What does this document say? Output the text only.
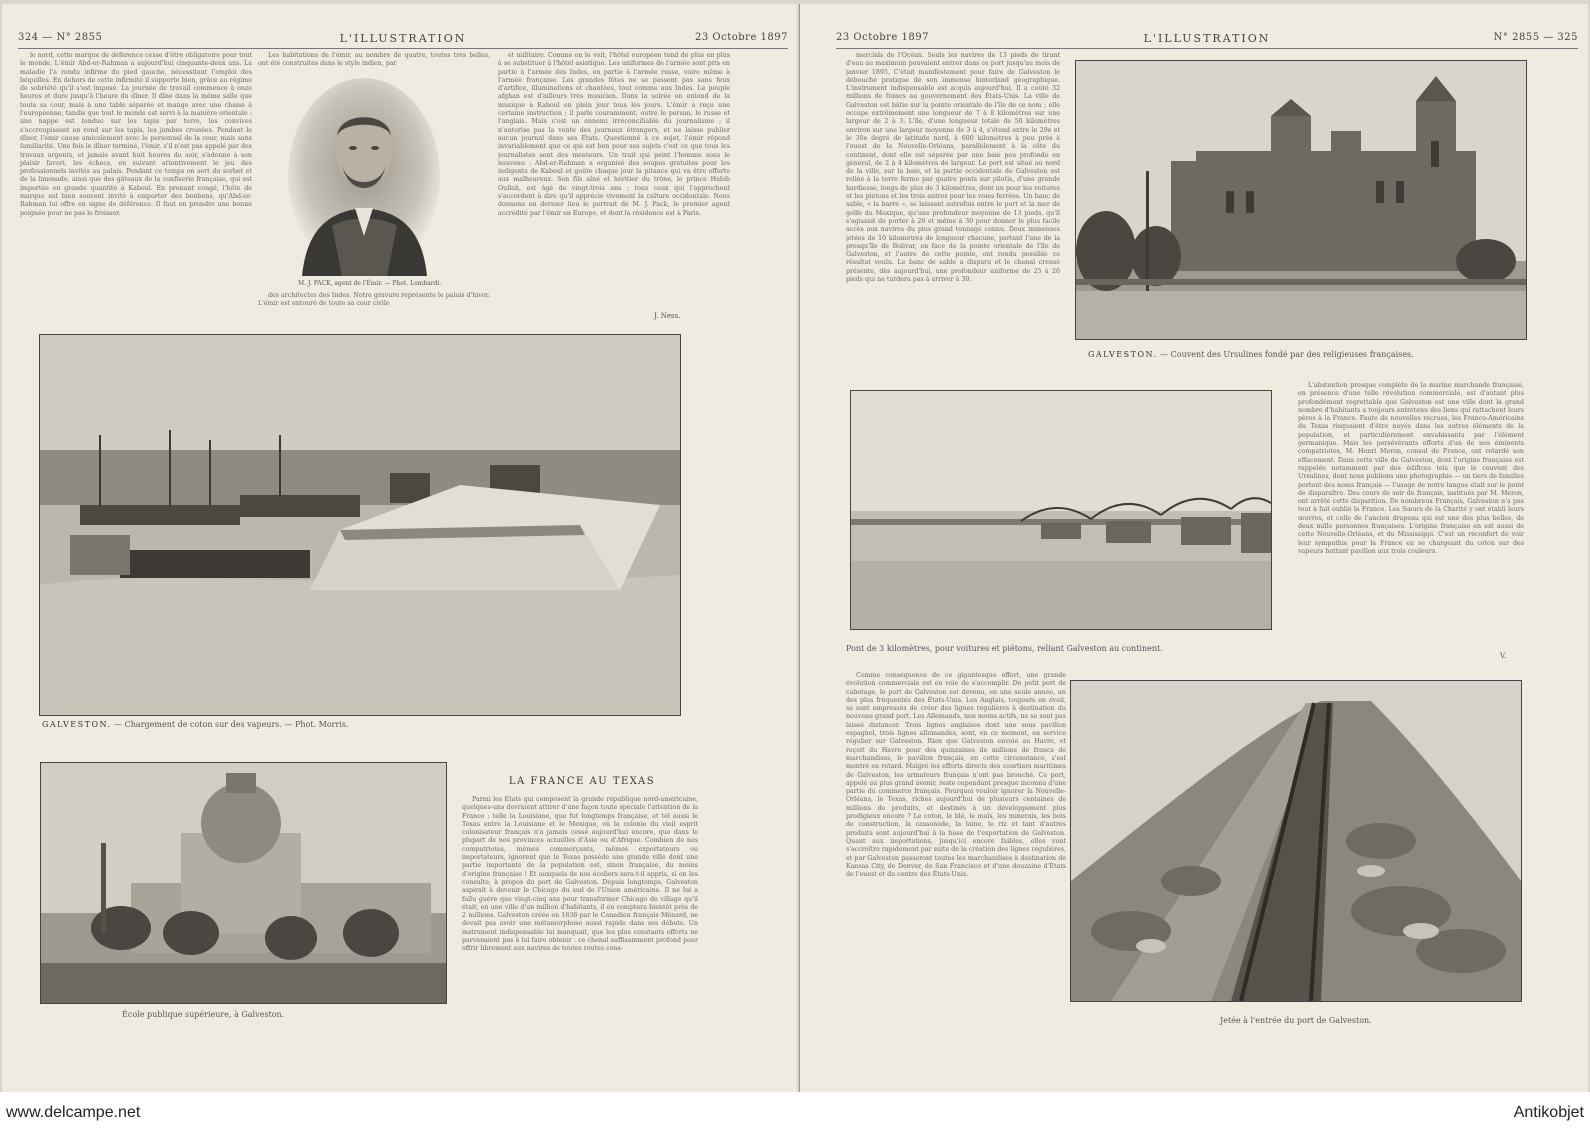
324 — N° 2855	L'ILLUSTRATION	23 Octobre 1897

le nord, cette marque de déférence cesse d'être obligatoire pour tout le monde. L'émir Abd-er-Rahman a aujourd'hui cinquante-deux ans. La maladie l'a rendu infirme du pied gauche, nécessitant l'emploi des béquilles. En dehors de cette infirmité il supporte bien, grâce au régime de sobriété qu'il s'est imposé. La journée de travail commence à onze heures et dure jusqu'à l'heure du dîner. Il dîne dans la même salle que toute sa cour, mais à une table séparée et mange avec une chaise à l'européenne, tandis que tout le monde est servi à la manière orientale : une nappe est tendue sur les tapis par terre, les convives s'accroupissent en rond sur les tapis, les jambes croisées. Pendant le dîner, l'émir cause amicalement avec le personnel de la cour, mais sans familiarité. Une fois le dîner terminé, l'émir, s'il n'est pas appelé par des travaux urgents, et jamais avant huit heures du soir, s'adonne à son plaisir favori, les échecs, en suivant attentivement le jeu des professionnels invités au palais. Pendant ce temps on sert du sorbet et de la limonade, ainsi que des gâteaux de la confiserie française, qui est importée en grande quantité à Kaboul. En prenant congé, l'hôte de marque est bien souvent invité à emporter des bonbons, qu'Abd-er-Rahman lui offre en signe de déférence. Il faut en prendre une bonne poignée pour ne pas le froisser.

Les habitations de l'émir, au nombre de quatre, toutes très belles, ont été construites dans le style indien, par

M. J. PACK, agent de l'Émir. — Phot. Lombardi.

des architectes des Indes. Notre gravure représente le palais d'hiver. L'émir est entouré de toute sa cour civile

et militaire. Comme on le voit, l'hôtel européen tend de plus en plus à se substituer à l'hôtel asiatique. Les uniformes de l'armée sont pris en partie à l'armée des Indes, en partie à l'armée russe, voire même à l'armée française. Les grandes fêtes ne se passent pas sans feux d'artifice, illuminations et chantées, tout comme aux Indes. Le peuple afghan est d'ailleurs très musicien. Dans la soirée on entend de la musique à Kaboul en plein jour tous les jours. L'émir a reçu une certaine instruction ; il parle couramment, outre le persan, le russe et l'anglais. Mais c'est un ennemi irréconciliable du journalisme ; il n'autorise pas la vente des journaux étrangers, et ne laisse publier aucun journal dans ses États. Questionné à ce sujet, l'émir répond invariablement que ce qui est bon pour ses sujets c'est ce que tous les journalistes sont des menteurs. Un trait qui peint l'homme sous le nouveau : Abd-er-Rahman a organisé des soupes gratuites pour les indigents de Kaboul et goûte chaque jour la pitance qui va être offerte aux malheureux. Son fils aîné et héritier du trône, le prince Habib Oullah, est âgé de vingt-trois ans ; tous ceux qui l'approchent s'accordent à dire qu'il apprécie vivement la culture occidentale. Nous donnons en dernier lieu le portrait de M. J. Pack, le premier agent accrédité par l'émir en Europe, et dont la résidence est à Paris.

J. Ness.
GALVESTON. — Chargement de coton sur des vapeurs. — Phot. Morris.
École publique supérieure, à Galveston.
LA FRANCE AU TEXAS

Parmi les États qui composent la grande république nord-américaine, quelques-uns devraient attirer d'une façon toute spéciale l'attention de la France : telle la Louisiane, que fut longtemps française, et tel aussi le Texas entre la Louisiane et le Mexique, où la colonie du vieil esprit colonisateur français n'a jamais cessé aujourd'hui encore, que dans le plupart de nos provinces actuelles d'Asie ou d'Afrique. Combien de nos compatriotes, mêmes commerçants, mêmes exportateurs ou importateurs, ignorent que le Texas possède une grande ville dont une partie importante de la population est, sinon française, du moins d'origine française ! Et auxquels de nos écoliers sera-t-il appris, si on les consulte, à propos du port de Galveston. Depuis longtemps, Galveston aspirait à devenir le Chicago du sud de l'Union américaine. Il ne lui a fallu guère que vingt-cinq ans pour transformer Chicago de village qu'il était, en une ville d'un million d'habitants, il en comptera bientôt près de 2 millions. Galveston créée en 1836 par le Canadien français Ménard, ne devait pas avoir une métamorphose aussi rapide dans ses débuts. Un instrument indispensable lui manquait, que les plus constants efforts ne parvenaient pas à lui faire obtenir : ce chenal suffisamment profond pour offrir librement aux navires de toutes routes cons-

23 Octobre 1897	L'ILLUSTRATION	N° 2855 — 325

mercials de l'Océan. Seuls les navires de 13 pieds de tirant d'eau au maximum pouvaient entrer dans ce port jusqu'au mois de janvier 1895. C'était manifestement pour faire de Galveston le débouché pratique de son immense hinterland géographique. L'instrument indispensable est acquis aujourd'hui. Il a coûté 32 millions de francs au gouvernement des États-Unis. La ville de Galveston est bâtie sur la pointe orientale de l'île de ce nom ; elle occupe extrêmement une longueur de 7 à 8 kilomètres sur une largeur de 2 à 3. L'île, d'une longueur totale de 50 kilomètres environ sur une largeur moyenne de 3 à 4, s'étend entre le 29e et le 30e degré de latitude nord, à 600 kilomètres à peu près à l'ouest de la Nouvelle-Orléans, parallèlement à la côte du continent, dont elle est séparée par une baie peu profonde en général, de 2 à 4 kilomètres de largeur. Le port est situé au nord de la ville, sur la baie, et la partie occidentale de Galveston est reliée à la terre ferme par quatre ponts sur pilotis, d'une grande hardiesse, longs de plus de 3 kilomètres, dont un pour les voitures et les piétons et les trois autres pour les voies ferrées. Un banc de sable, « la barre », se laissant autrefois entre le port et la mer de golfe du Mexique, qu'une profondeur moyenne de 13 pieds, qu'il s'agissait de porter à 26 et même à 30 pour donner le plus facile accès aux navires du plus grand tonnage connu. Deux immenses jetées de 10 kilomètres de longueur chacune, partant l'une de la presqu'île de Bolivar, en face de la pointe orientale de l'île de Galveston, et l'autre de cette pointe, ont rendu possible ce résultat voulu. Le banc de sable a disparu et le chenal creusé présente, dès aujourd'hui, une profondeur uniforme de 25 à 26 pieds qui ne tardera pas à arriver à 30.

GALVESTON. — Couvent des Ursulines fondé par des religieuses françaises.
Pont de 3 kilomètres, pour voitures et piétons, reliant Galveston au continent.

L'abstention presque complète de la marine marchande française, en présence d'une telle révolution commerciale, est d'autant plus profondément regrettable que Galveston est une ville dont la grand nombre d'habitants a toujours entretenu des liens qui rattachent leurs pères à la France. Faute de nouvelles recrues, les Franco-Américains du Texas risquaient d'être noyés dans les autres éléments de la population, et particulièrement envahissants par l'élément germanique. Mais les persévérants efforts d'un de nos éminents compatriotes, M. Henri Meron, consul de France, ont retardé son effacement. Dans cette ville de Galveston, dont l'origine française est rappelée notamment par des édifices tels que le couvent des Ursulines, dont nous publions une photographie — un tiers de familles portent des noms français — l'usage de notre langue était sur le point de disparaître. Des cours de soir de français, institués par M. Meron, ont arrêté cette disparition. De nombreux Français, Galveston n'a pas tout à fait oublié la France. Les Sœurs de la Charité y ont établi leurs œuvres, et celle de l'ancien drapeau qui est une des plus belles, de deux mille personnes françaises. L'origine française en est aussi de cette Nouvelle-Orléans, et du Mississippi. C'est un réconfort de voir leur sympathie pour la France en se chargeant du coton sur des vapeurs battant pavillon aux trois couleurs.

V.

Comme conséquence de ce gigantesque effort, une grande évolution commerciale est en voie de s'accomplir. De petit port de cabotage, le port de Galveston est devenu, en une seule année, un des plus fréquentés des États-Unis. Les Anglais, toujours en éveil, se sont empressés de créer des lignes régulières à destination du nouveau grand port. Les Allemands, non moins actifs, ne se sont pas laissé distancer. Trois lignes anglaises dont une sous pavillon espagnol, trois lignes allemandes, sont, en ce moment, en service régulier sur Galveston. Rien que Galveston envoie au Havre, et reçoit du Havre pour des quinzaines de millions de francs de marchandises, le pavillon français, en cette circonstance, s'est montré en retard. Malgré les efforts directs des courtiers maritimes de Galveston, les armateurs français n'ont pas bronché. Ce port, appelé au plus grand avenir, reste cependant presque inconnu d'une partie du commerce français. Pourquoi vouloir ignorer la Nouvelle-Orléans, le Texas, riches aujourd'hui de plusieurs centaines de millions de produits, et destinés à un développement plus prodigieux encore ? Le coton, le blé, le maïs, les minerais, les bois de construction, la cassonade, la laine, le riz et tant d'autres produits sont aujourd'hui à la base de l'exportation de Galveston. Quant aux importations, jusqu'ici encore faibles, elles vont s'accroître rapidement par suite de la création des lignes régulières, et par Galveston passeront toutes les marchandises à destination de Kansas City, de Denver, de San Francisco et d'une douzaine d'États de l'ouest et du centre des États-Unis.

Jetée à l'entrée du port de Galveston.
www.delcampe.net	Antikobjet
